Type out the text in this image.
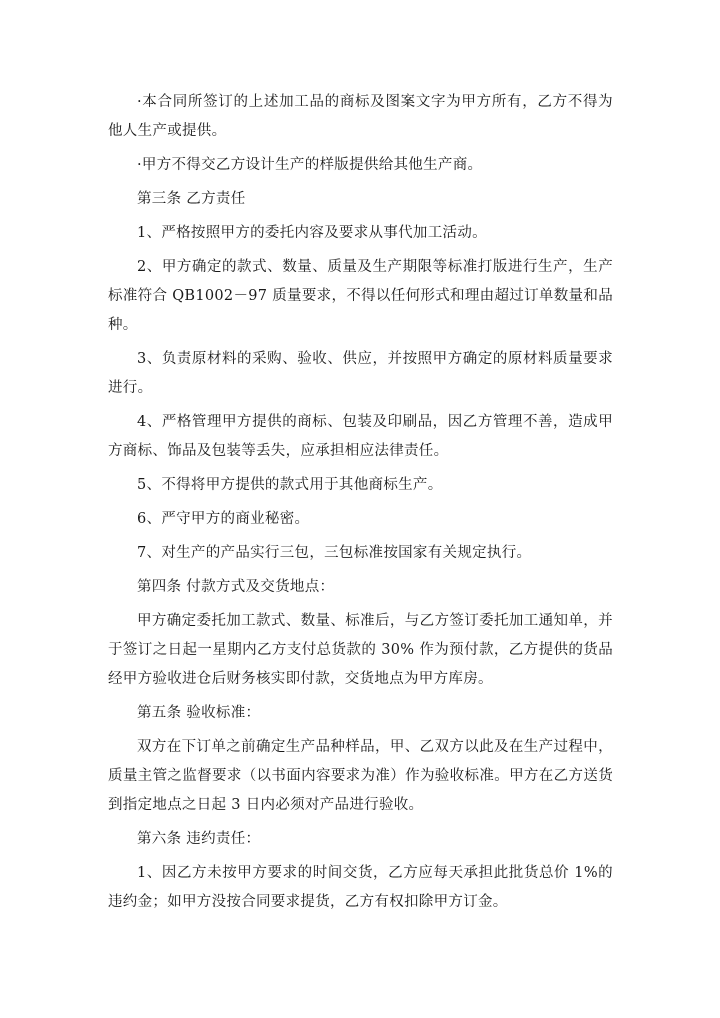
·本合同所签订的上述加工品的商标及图案文字为甲方所有，乙方不得为他人生产或提供。

·甲方不得交乙方设计生产的样版提供给其他生产商。

第三条 乙方责任

1、严格按照甲方的委托内容及要求从事代加工活动。

2、甲方确定的款式、数量、质量及生产期限等标准打版进行生产，生产标准符合 QB1002－97 质量要求，不得以任何形式和理由超过订单数量和品种。

3、负责原材料的采购、验收、供应，并按照甲方确定的原材料质量要求进行。

4、严格管理甲方提供的商标、包装及印刷品，因乙方管理不善，造成甲方商标、饰品及包装等丢失，应承担相应法律责任。

5、不得将甲方提供的款式用于其他商标生产。

6、严守甲方的商业秘密。

7、对生产的产品实行三包，三包标准按国家有关规定执行。

第四条 付款方式及交货地点：

甲方确定委托加工款式、数量、标准后，与乙方签订委托加工通知单，并于签订之日起一星期内乙方支付总货款的 30% 作为预付款，乙方提供的货品经甲方验收进仓后财务核实即付款，交货地点为甲方库房。

第五条 验收标准：

双方在下订单之前确定生产品种样品，甲、乙双方以此及在生产过程中，质量主管之监督要求（以书面内容要求为准）作为验收标准。甲方在乙方送货到指定地点之日起 3 日内必须对产品进行验收。

第六条 违约责任：

1、因乙方未按甲方要求的时间交货，乙方应每天承担此批货总价 1%的违约金；如甲方没按合同要求提货，乙方有权扣除甲方订金。
